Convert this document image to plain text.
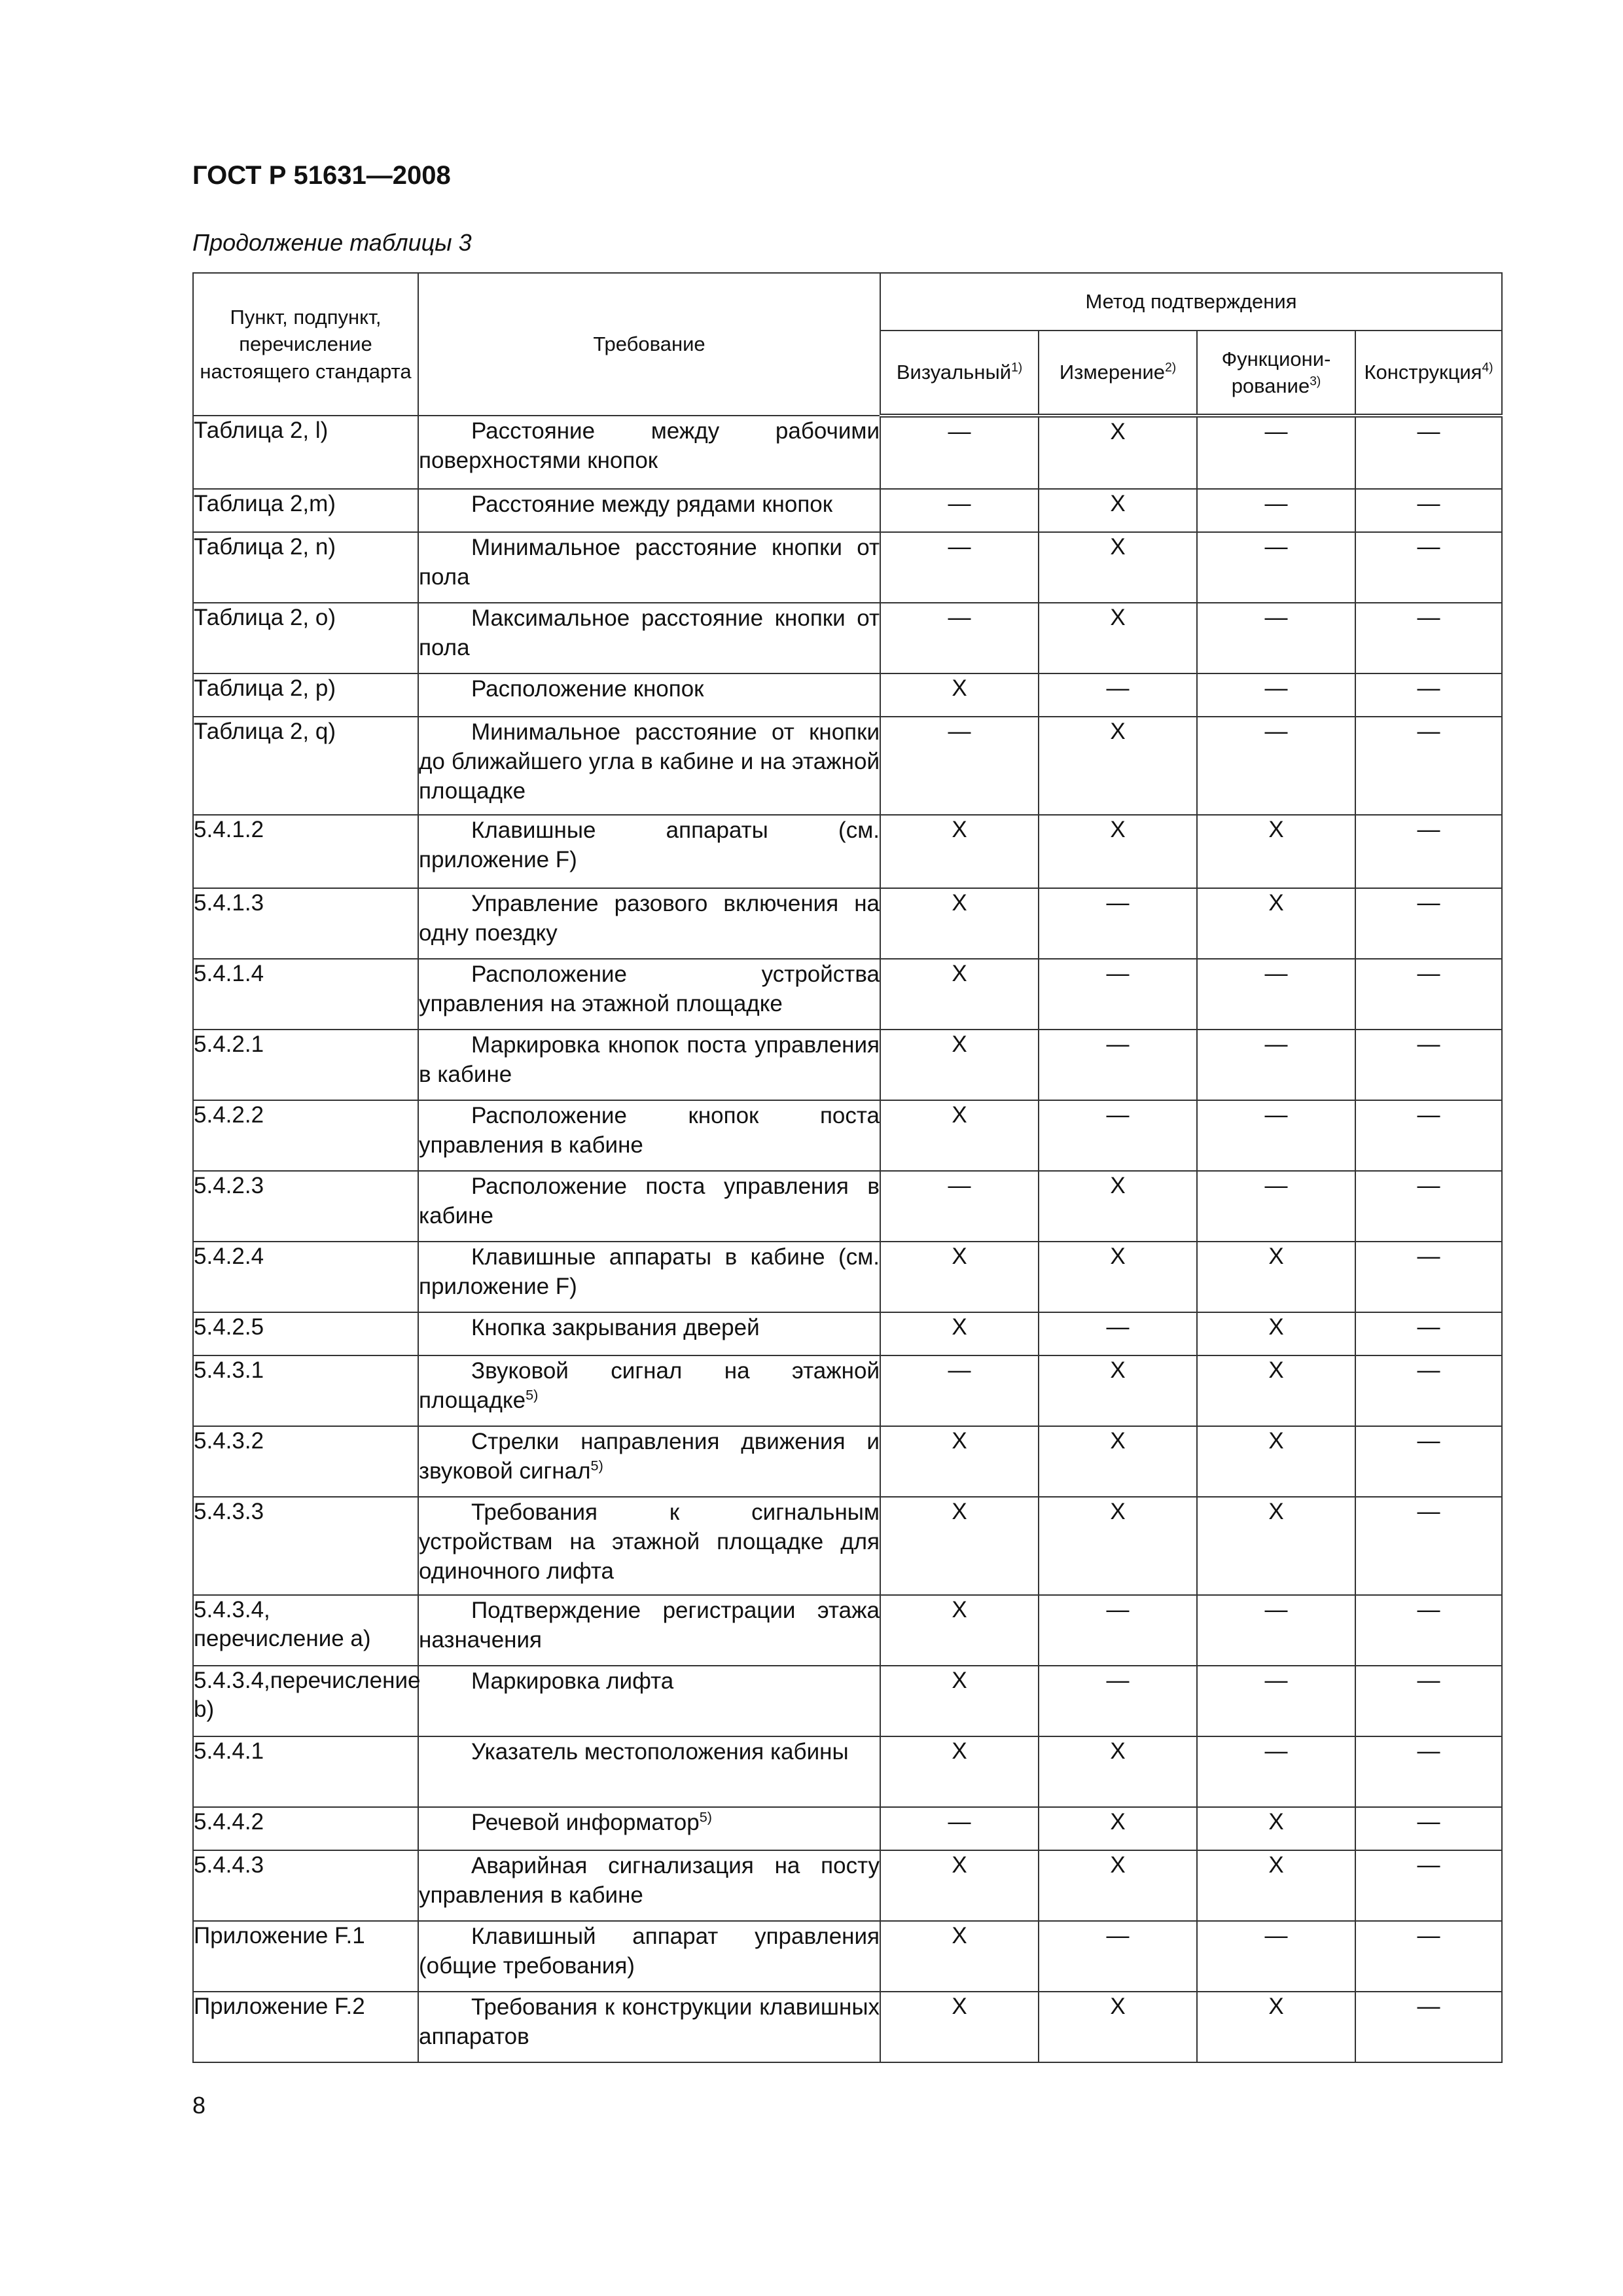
ГОСТ Р 51631—2008
Продолжение таблицы 3
Пункт, подпункт, перечисление настоящего стандарта	Требование	Метод подтверждения			
		Визуальный$^{1)}$	Измерение$^{2)}$	Функциони-рование$^{3)}$	Конструкция$^{4)}$
Таблица 2, l)	Расстояние между рабочими поверхностями кнопок	—	X	—	—
Таблица 2,m)	Расстояние между рядами кнопок	—	X	—	—
Таблица 2, n)	Минимальное расстояние кнопки от пола	—	X	—	—
Таблица 2, o)	Максимальное расстояние кнопки от пола	—	X	—	—
Таблица 2, p)	Расположение кнопок	X	—	—	—
Таблица 2, q)	Минимальное расстояние от кнопки до ближайшего угла в кабине и на этажной площадке	—	X	—	—
5.4.1.2	Клавишные аппараты (см. приложение F)	X	X	X	—
5.4.1.3	Управление разового включения на одну поездку	X	—	X	—
5.4.1.4	Расположение устройства управления на этажной площадке	X	—	—	—
5.4.2.1	Маркировка кнопок поста управления в кабине	X	—	—	—
5.4.2.2	Расположение кнопок поста управления в кабине	X	—	—	—
5.4.2.3	Расположение поста управления в кабине	—	X	—	—
5.4.2.4	Клавишные аппараты в кабине (см. приложение F)	X	X	X	—
5.4.2.5	Кнопка закрывания дверей	X	—	X	—
5.4.3.1	Звуковой сигнал на этажной площадке$^{5)}$	—	X	X	—
5.4.3.2	Стрелки направления движения и звуковой сигнал$^{5)}$	X	X	X	—
5.4.3.3	Требования к сигнальным устройствам на этажной площадке для одиночного лифта	X	X	X	—
5.4.3.4, перечисление a)	Подтверждение регистрации этажа назначения	X	—	—	—
5.4.3.4,перечисление b)	Маркировка лифта	X	—	—	—
5.4.4.1	Указатель местоположения кабины	X	X	—	—
5.4.4.2	Речевой информатор$^{5)}$	—	X	X	—
5.4.4.3	Аварийная сигнализация на посту управления в кабине	X	X	X	—
Приложение F.1	Клавишный аппарат управления (общие требования)	X	—	—	—
Приложение F.2	Требования к конструкции клавишных аппаратов	X	X	X	—
8
